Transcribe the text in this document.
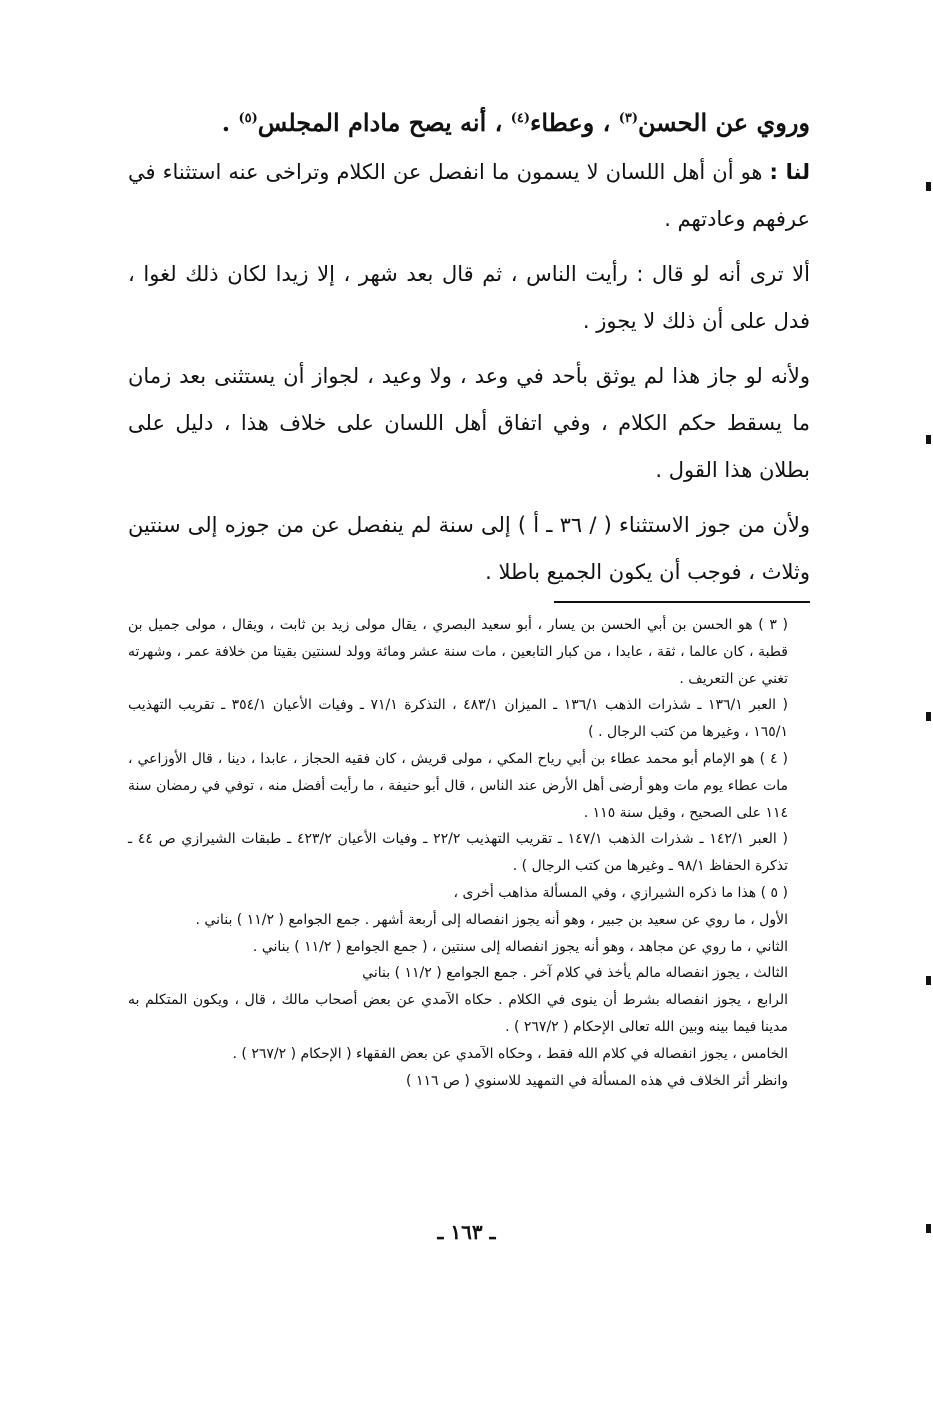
وروي عن الحسن$^{(٣)}$ ، وعطاء$^{(٤)}$ ، أنه يصح مادام المجلس$^{(٥)}$ .

لنا : هو أن أهل اللسان لا يسمون ما انفصل عن الكلام وتراخى عنه استثناء في عرفهم وعادتهم .

ألا ترى أنه لو قال : رأيت الناس ، ثم قال بعد شهر ، إلا زيدا لكان ذلك لغوا ، فدل على أن ذلك لا يجوز .

ولأنه لو جاز هذا لم يوثق بأحد في وعد ، ولا وعيد ، لجواز أن يستثنى بعد زمان ما يسقط حكم الكلام ، وفي اتفاق أهل اللسان على خلاف هذا ، دليل على بطلان هذا القول .

ولأن من جوز الاستثناء ( / ٣٦ ـ أ ) إلى سنة لم ينفصل عن من جوزه إلى سنتين وثلاث ، فوجب أن يكون الجميع باطلا .

( ٣ ) هو الحسن بن أبي الحسن بن يسار ، أبو سعيد البصري ، يقال مولى زيد بن ثابت ، ويقال ، مولى جميل بن قطبة ، كان عالما ، ثقة ، عابدا ، من كبار التابعين ، مات سنة عشر ومائة وولد لسنتين بقيتا من خلافة عمر ، وشهرته تغني عن التعريف .

( العبر ١٣٦/١ ـ شذرات الذهب ١٣٦/١ ـ الميزان ٤٨٣/١ ، التذكرة ٧١/١ ـ وفيات الأعيان ٣٥٤/١ ـ تقريب التهذيب ١٦٥/١ ، وغيرها من كتب الرجال . )

( ٤ ) هو الإمام أبو محمد عطاء بن أبي رياح المكي ، مولى قريش ، كان فقيه الحجاز ، عابدا ، دينا ، قال الأوزاعي ، مات عطاء يوم مات وهو أرضى أهل الأرض عند الناس ، قال أبو حنيفة ، ما رأيت أفضل منه ، توفي في رمضان سنة ١١٤ على الصحيح ، وقيل سنة ١١٥ .

( العبر ١٤٢/١ ـ شذرات الذهب ١٤٧/١ ـ تقريب التهذيب ٢٢/٢ ـ وفيات الأعيان ٤٢٣/٢ ـ طبقات الشيرازي ص ٤٤ ـ تذكرة الحفاظ ٩٨/١ ـ وغيرها من كتب الرجال ) .

( ٥ ) هذا ما ذكره الشيرازي ، وفي المسألة مذاهب أخرى ،

الأول ، ما روي عن سعيد بن جبير ، وهو أنه يجوز انفصاله إلى أربعة أشهر . جمع الجوامع ( ١١/٢ ) بناني .

الثاني ، ما روي عن مجاهد ، وهو أنه يجوز انفصاله إلى سنتين ، ( جمع الجوامع ( ١١/٢ ) بناني .

الثالث ، يجوز انفصاله مالم يأخذ في كلام آخر . جمع الجوامع ( ١١/٢ ) بناني

الرابع ، يجوز انفصاله بشرط أن ينوى في الكلام . حكاه الآمدي عن بعض أصحاب مالك ، قال ، ويكون المتكلم به مدينا فيما بينه وبين الله تعالى الإحكام ( ٢٦٧/٢ ) .

الخامس ، يجوز انفصاله في كلام الله فقط ، وحكاه الآمدي عن بعض الفقهاء ( الإحكام ( ٢٦٧/٢ ) .

وانظر أثر الخلاف في هذه المسألة في التمهيد للاسنوي ( ص ١١٦ )

ـ ١٦٣ ـ
